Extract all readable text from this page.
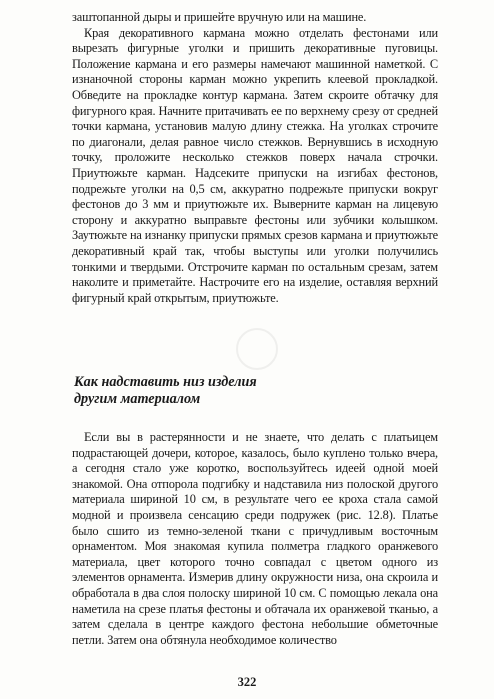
заштопанной дыры и пришейте вручную или на машине.

Края декоративного кармана можно отделать фестонами или вырезать фигурные уголки и пришить декоративные пуговицы. Положение кармана и его размеры намечают машинной наметкой. С изнаночной стороны карман можно укрепить клеевой прокладкой. Обведите на прокладке контур кармана. Затем скроите обтачку для фигурного края. Начните притачивать ее по верхнему срезу от средней точки кармана, установив малую длину стежка. На уголках строчите по диагонали, делая равное число стежков. Вернувшись в исходную точку, проложите несколько стежков поверх начала строчки. Приутюжьте карман. Надсеките припуски на изгибах фестонов, подрежьте уголки на 0,5 см, аккуратно подрежьте припуски вокруг фестонов до 3 мм и приутюжьте их. Выверните карман на лицевую сторону и аккуратно выправьте фестоны или зубчики колышком. Заутюжьте на изнанку припуски прямых срезов кармана и приутюжьте декоративный край так, чтобы выступы или уголки получились тонкими и твердыми. Отстрочите карман по остальным срезам, затем наколите и приметайте. Настрочите его на изделие, оставляя верхний фигурный край открытым, приутюжьте.

Как надставить низ изделия
другим материалом

Если вы в растерянности и не знаете, что делать с платьицем подрастающей дочери, которое, казалось, было куплено только вчера, а сегодня стало уже коротко, воспользуйтесь идеей одной моей знакомой. Она отпорола подгибку и надставила низ полоской другого материала шириной 10 см, в результате чего ее кроха стала самой модной и произвела сенсацию среди подружек (рис. 12.8). Платье было сшито из темно-зеленой ткани с причудливым восточным орнаментом. Моя знакомая купила полметра гладкого оранжевого материала, цвет которого точно совпадал с цветом одного из элементов орнамента. Измерив длину окружности низа, она скроила и обработала в два слоя полоску шириной 10 см. С помощью лекала она наметила на срезе платья фестоны и обтачала их оранжевой тканью, а затем сделала в центре каждого фестона небольшие обметочные петли. Затем она обтянула необходимое количество

322
